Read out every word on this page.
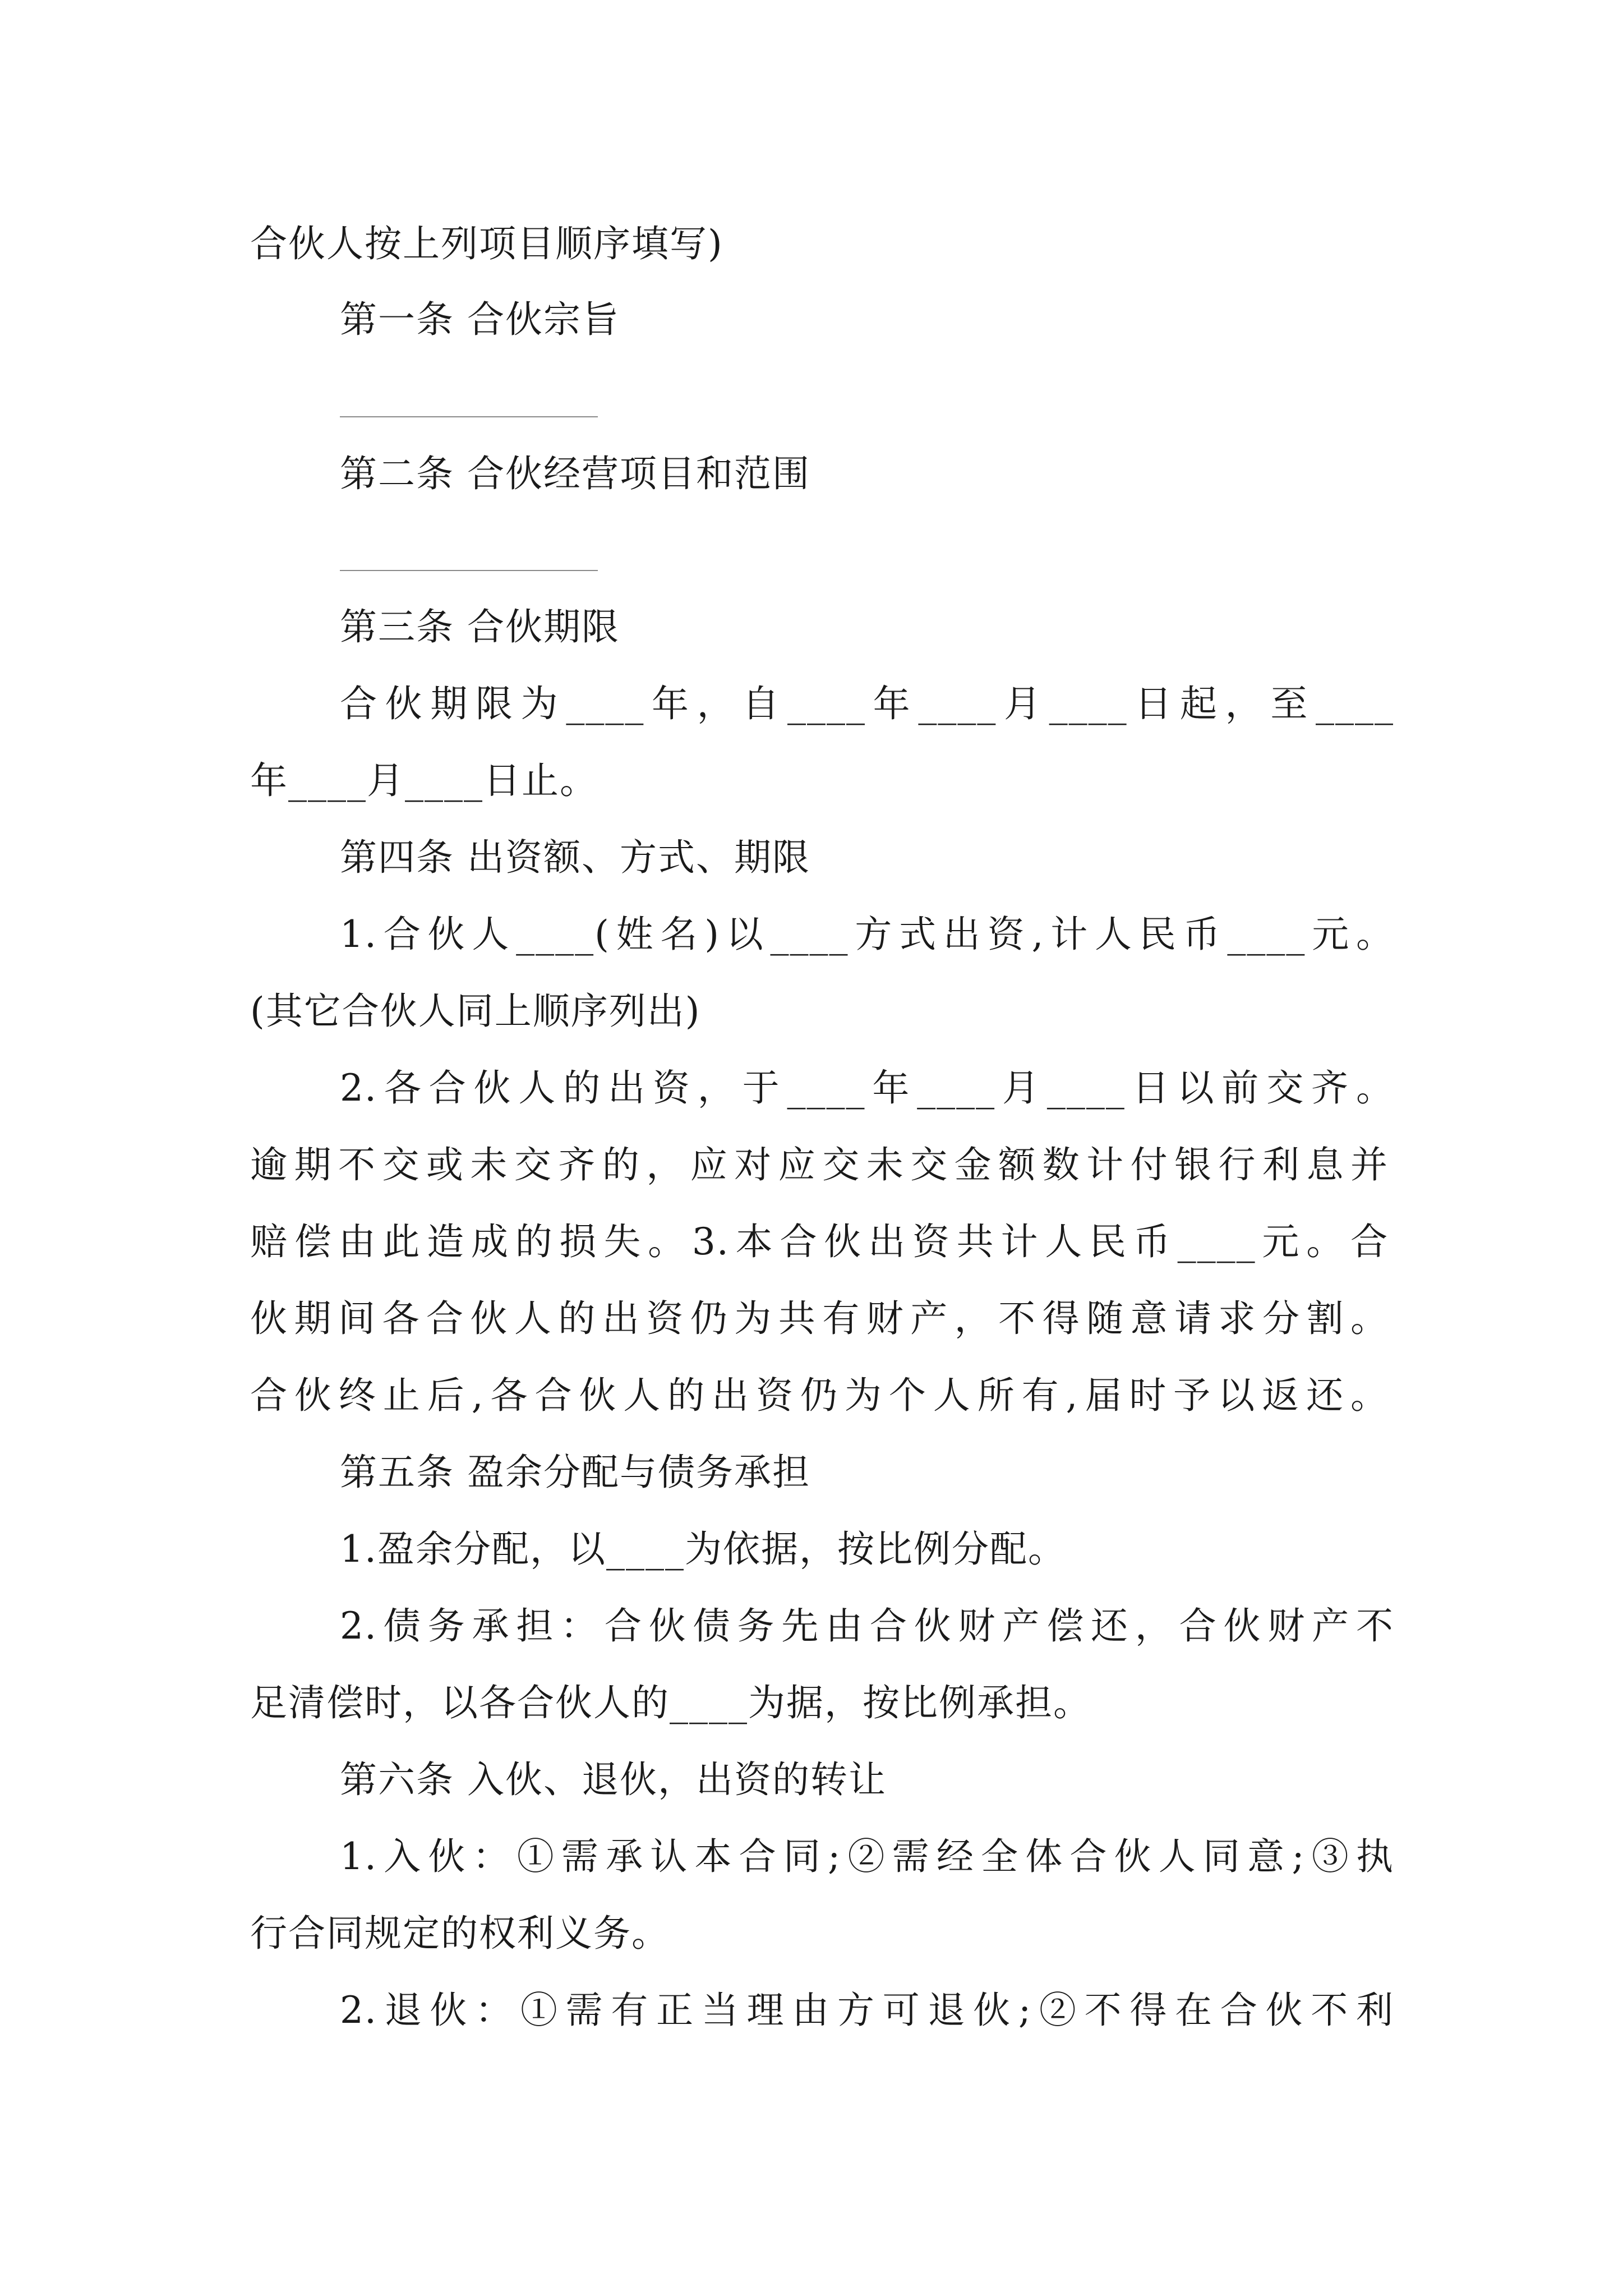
合伙人按上列项目顺序填写)
第一条 合伙宗旨
第二条 合伙经营项目和范围
第三条 合伙期限
合伙期限为____年，自____年____月____日起，至____
年____月____日止。
第四条 出资额、方式、期限
1.合伙人____(姓名)以____方式出资,计人民币____元。
(其它合伙人同上顺序列出)
2.各合伙人的出资，于____年____月____日以前交齐。
逾期不交或未交齐的，应对应交未交金额数计付银行利息并
赔偿由此造成的损失。3.本合伙出资共计人民币____元。合
伙期间各合伙人的出资仍为共有财产，不得随意请求分割。
合伙终止后,各合伙人的出资仍为个人所有,届时予以返还。
第五条 盈余分配与债务承担
1.盈余分配，以____为依据，按比例分配。
2.债务承担：合伙债务先由合伙财产偿还，合伙财产不
足清偿时，以各合伙人的____为据，按比例承担。
第六条 入伙、退伙，出资的转让
1.入伙：①需承认本合同;②需经全体合伙人同意;③执
行合同规定的权利义务。
2.退伙：①需有正当理由方可退伙;②不得在合伙不利
